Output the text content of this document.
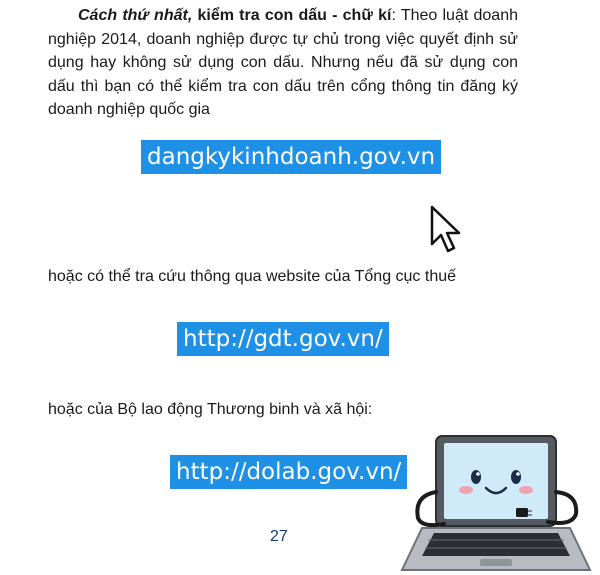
Cách thứ nhất, kiểm tra con dấu - chữ kí: Theo luật doanh nghiệp 2014, doanh nghiệp được tự chủ trong việc quyết định sử dụng hay không sử dụng con dấu. Nhưng nếu đã sử dụng con dấu thì bạn có thể kiểm tra con dấu trên cổng thông tin đăng ký doanh nghiệp quốc gia
dangkykinhdoanh.gov.vn
hoặc có thể tra cứu thông qua website của Tổng cục thuế
http://gdt.gov.vn/
hoặc của Bộ lao động Thương binh và xã hội:
http://dolab.gov.vn/
27
